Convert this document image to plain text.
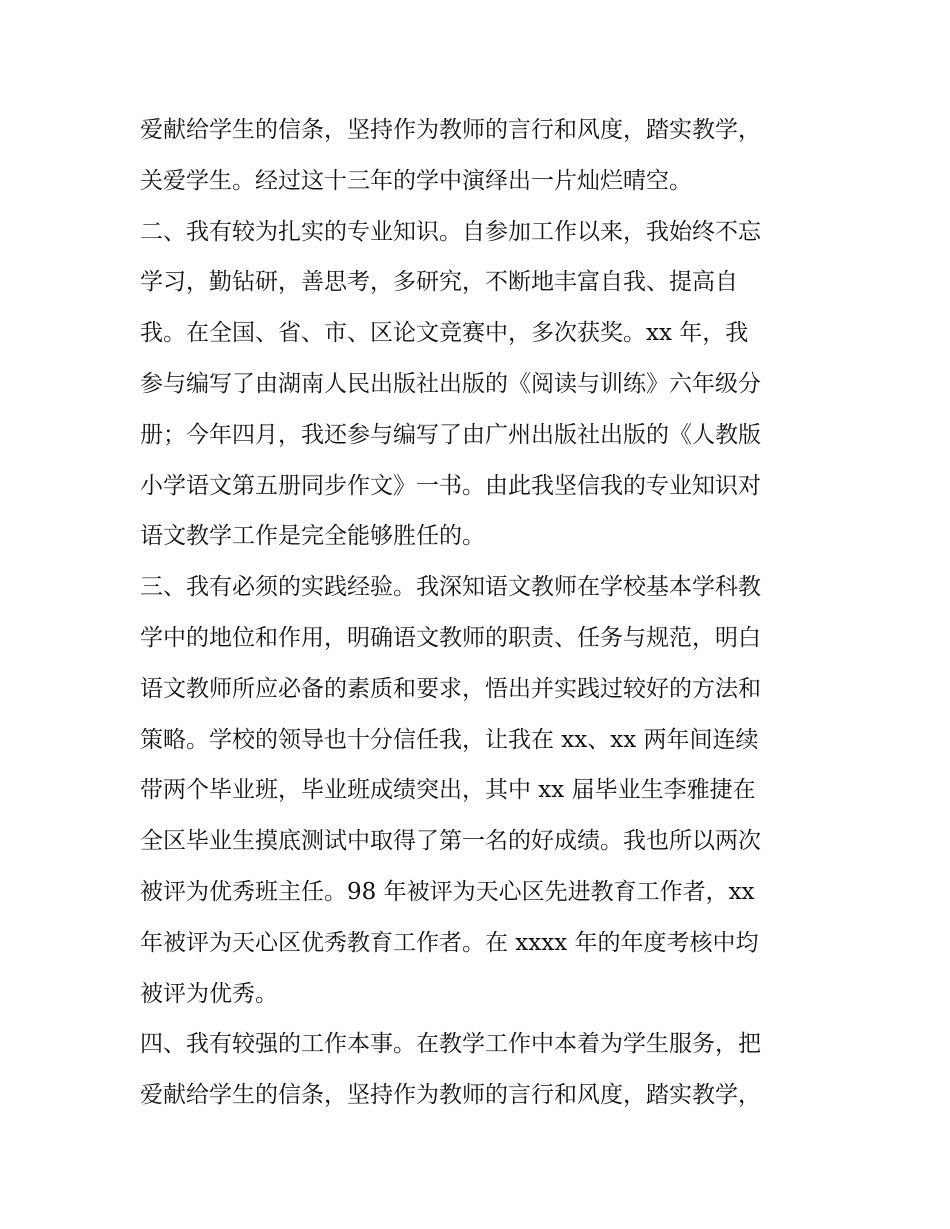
爱献给学生的信条，坚持作为教师的言行和风度，踏实教学，
关爱学生。经过这十三年的学中演绎出一片灿烂晴空。
二、我有较为扎实的专业知识。自参加工作以来，我始终不忘
学习，勤钻研，善思考，多研究，不断地丰富自我、提高自
我。在全国、省、市、区论文竞赛中，多次获奖。xx 年，我
参与编写了由湖南人民出版社出版的《阅读与训练》六年级分
册；今年四月，我还参与编写了由广州出版社出版的《人教版
小学语文第五册同步作文》一书。由此我坚信我的专业知识对
语文教学工作是完全能够胜任的。
三、我有必须的实践经验。我深知语文教师在学校基本学科教
学中的地位和作用，明确语文教师的职责、任务与规范，明白
语文教师所应必备的素质和要求，悟出并实践过较好的方法和
策略。学校的领导也十分信任我，让我在 xx、xx 两年间连续
带两个毕业班，毕业班成绩突出，其中 xx 届毕业生李雅捷在
全区毕业生摸底测试中取得了第一名的好成绩。我也所以两次
被评为优秀班主任。98 年被评为天心区先进教育工作者，xx
年被评为天心区优秀教育工作者。在 xxxx 年的年度考核中均
被评为优秀。
四、我有较强的工作本事。在教学工作中本着为学生服务，把
爱献给学生的信条，坚持作为教师的言行和风度，踏实教学，
